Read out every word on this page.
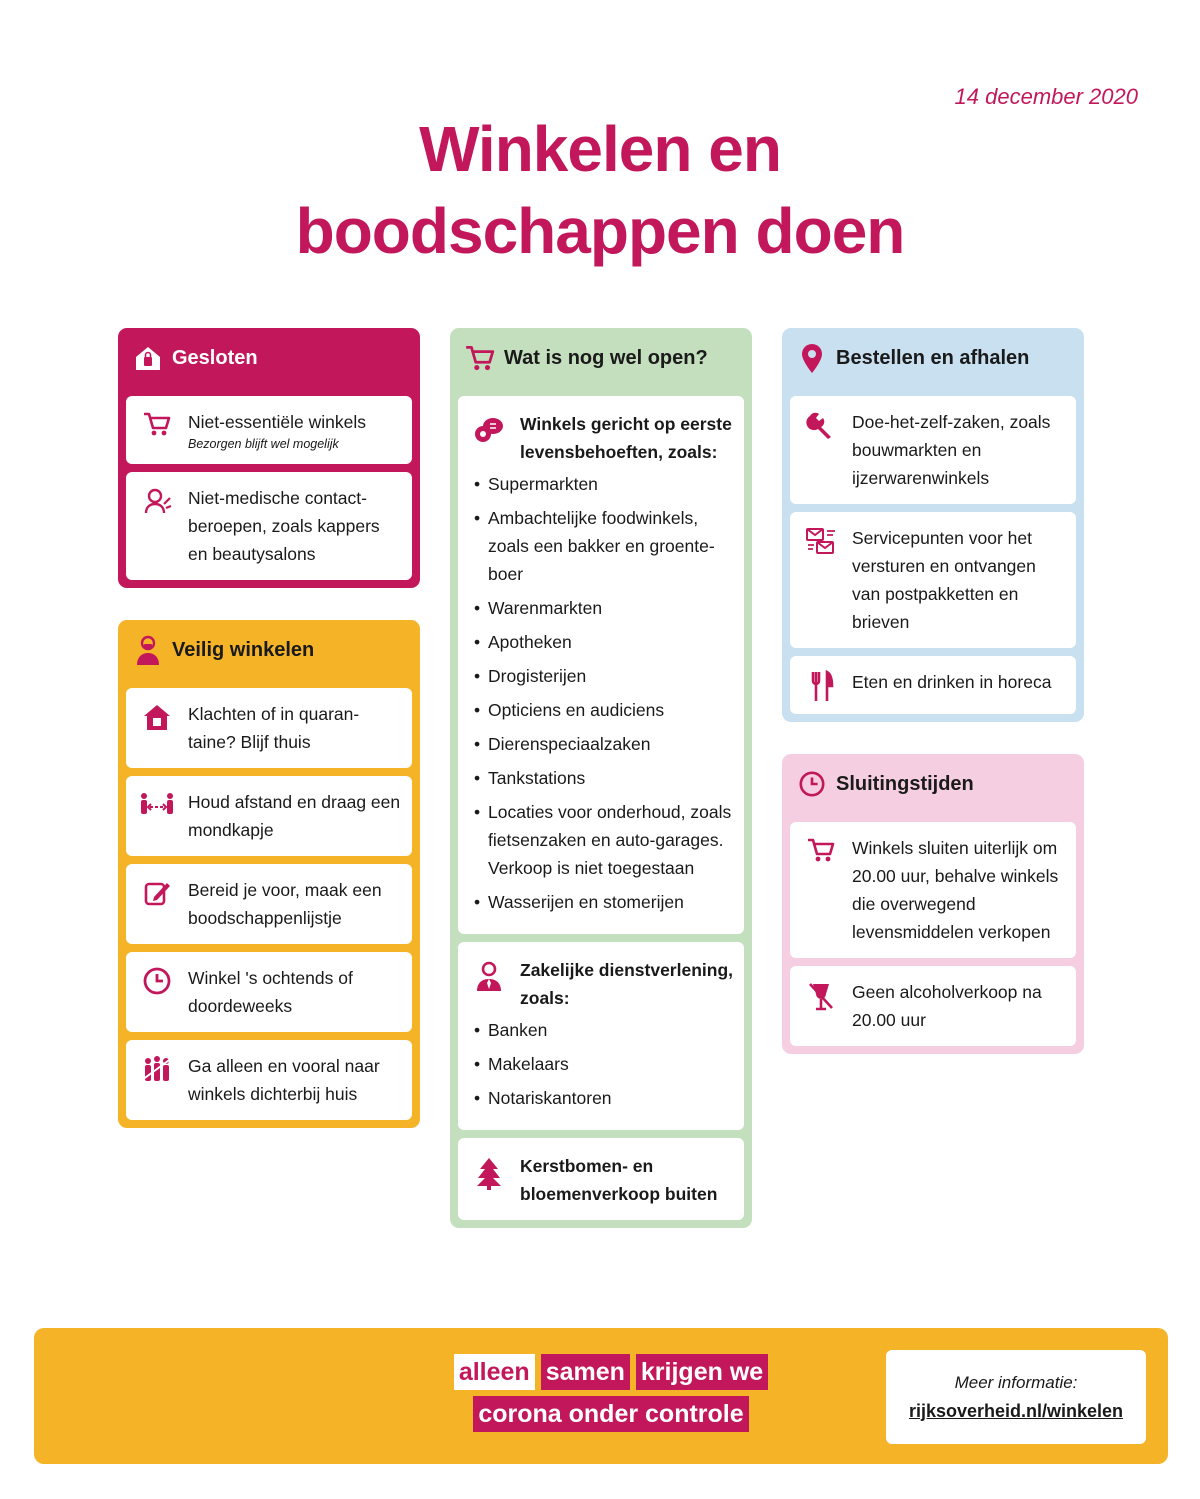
14 december 2020
Winkelen en
boodschappen doen
Gesloten
Niet-essentiële winkels
Bezorgen blijft wel mogelijk
Niet-medische contact-beroepen, zoals kappers en beautysalons
Veilig winkelen
Klachten of in quaran-taine? Blijf thuis
Houd afstand en draag een mondkapje
Bereid je voor, maak een boodschappenlijstje
Winkel 's ochtends of doordeweeks
Ga alleen en vooral naar winkels dichterbij huis
Wat is nog wel open?
Winkels gericht op eerste levensbehoeften, zoals:
• Supermarkten
• Ambachtelijke foodwinkels, zoals een bakker en groente-boer
• Warenmarkten
• Apotheken
• Drogisterijen
• Opticiens en audiciens
• Dierenspeciaalzaken
• Tankstations
• Locaties voor onderhoud, zoals fietsenzaken en auto-garages. Verkoop is niet toegestaan
• Wasserijen en stomerijen
Zakelijke dienstverlening, zoals:
• Banken
• Makelaars
• Notariskantoren
Kerstbomen- en bloemenverkoop buiten
Bestellen en afhalen
Doe-het-zelf-zaken, zoals bouwmarkten en ijzerwarenwinkels
Servicepunten voor het versturen en ontvangen van postpakketten en brieven
Eten en drinken in horeca
Sluitingstijden
Winkels sluiten uiterlijk om 20.00 uur, behalve winkels die overwegend levensmiddelen verkopen
Geen alcoholverkoop na 20.00 uur
alleen samen krijgen we
corona onder controle
Meer informatie:
rijksoverheid.nl/winkelen
